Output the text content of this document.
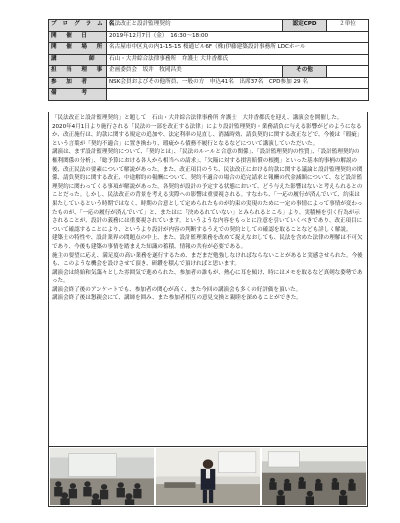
プ ロ グ ラ ム 名	民法改正と設計監理契約	認定CPD	２単位
開　催　日	2019年12月7日（金）　16:30～18:00		
開　催　場　所	名古屋市中区丸の内1-15-15 桜通ビル6F（株)伊藤建築設計事務所 LDCホール		
講　　　　師	石山・大井綜合法律事務所　弁護士 大井香都氏		
担　当　理　事	企画委員会　坂井　牧岡昌美	その他	
参　加　者	NSK会員およびその他所員、一般の方　申込41名　出席37名　CPD参加 29 名		
備　　　考			

「民法改正と設計監理契約」と題して　石山・大井綜合法律事務所 弁護士　大井香都氏を迎え、講演会を開催した。

2020年4月1日より施行される「民法の一部を改正する法律」により設計監理契約・業務請負に与える影響がどのようになるか、改正施行は、約款に関する規定の追加や、法定利率の見直し、消滅時効、請負契約に関する改正などで、今後は「瑕疵」という言葉が「契約不適合」に置き換わり、瑕疵から債務不履行となるなどについて講演していただいた。

講演は、まず設計監理契約について、「契約とは」、「民法のルールと合意の関係」、「設計監理契約の性質」、「設計監理契約の権利関係の分析」、「総予算における各人から相当への請求」、「欠陥に対する損害賠償の根拠」といった基本的事柄の解説の後、改正民法の要素について解説があった。また、改正項目のうち、民法改正における約款に関する議論と設計監理契約の関係、請負契約に関する改正、中途解約の報酬について、契約不適合の場合の追完請求と報酬の代金減額について、など設計監理契約に関わってくる事項が解説があった。各契約が設計の予定する状態において、どう与えた影響はないと考えられるとのことだった。しかし、民法改正の背景を考える実際への影響は重要視される。すなわち、「一応の履行が済んでいて、約束は果たしているという時期ではなく、時期の合意として定められたものが約束の実現のために一定の事情によって事情が変わったものが、「一応の履行が済んでいて」と、またはに「決めるれていない」とみられるところ」より、実積極を引く行為が示されることが、設計の義務には重要視されています。というような内容をもっとに注意を引いていくべきであり、改正項目について確認することにより、というより設計が内容の判断するうえでの契約としての確認を取ることなども詳しく解説。

建築士の特性や、設計業界の問題点の中上、また、設計監理業務を改めて捉えなおしても、民法を含めた法律の理解は不可欠であり、今後も建築の事情を踏まえた知識の蓄積、情報の共有が必要である。

施主の要望に応え、満足度の高い業務を遂行するため、まだまだ勉強しなければならないことがあると実感させられた。今後も、このような機会を設けさせて頂き、研鑽を積んで頂ければと思います。

講演会は終始和気藹々とした雰囲気で進められた、参加者の誰もが、熱心に耳を傾け、時にはメモを取るなど真剣な姿勢であった。

講演会終了後のアンケートでも、参加者の関心が高く、また今回の講演会も多くの好評価を頂いた。

講演会終了後は懇親会にて、講師を囲み、また参加者相互の意見交換と親睦を深めることができた。
